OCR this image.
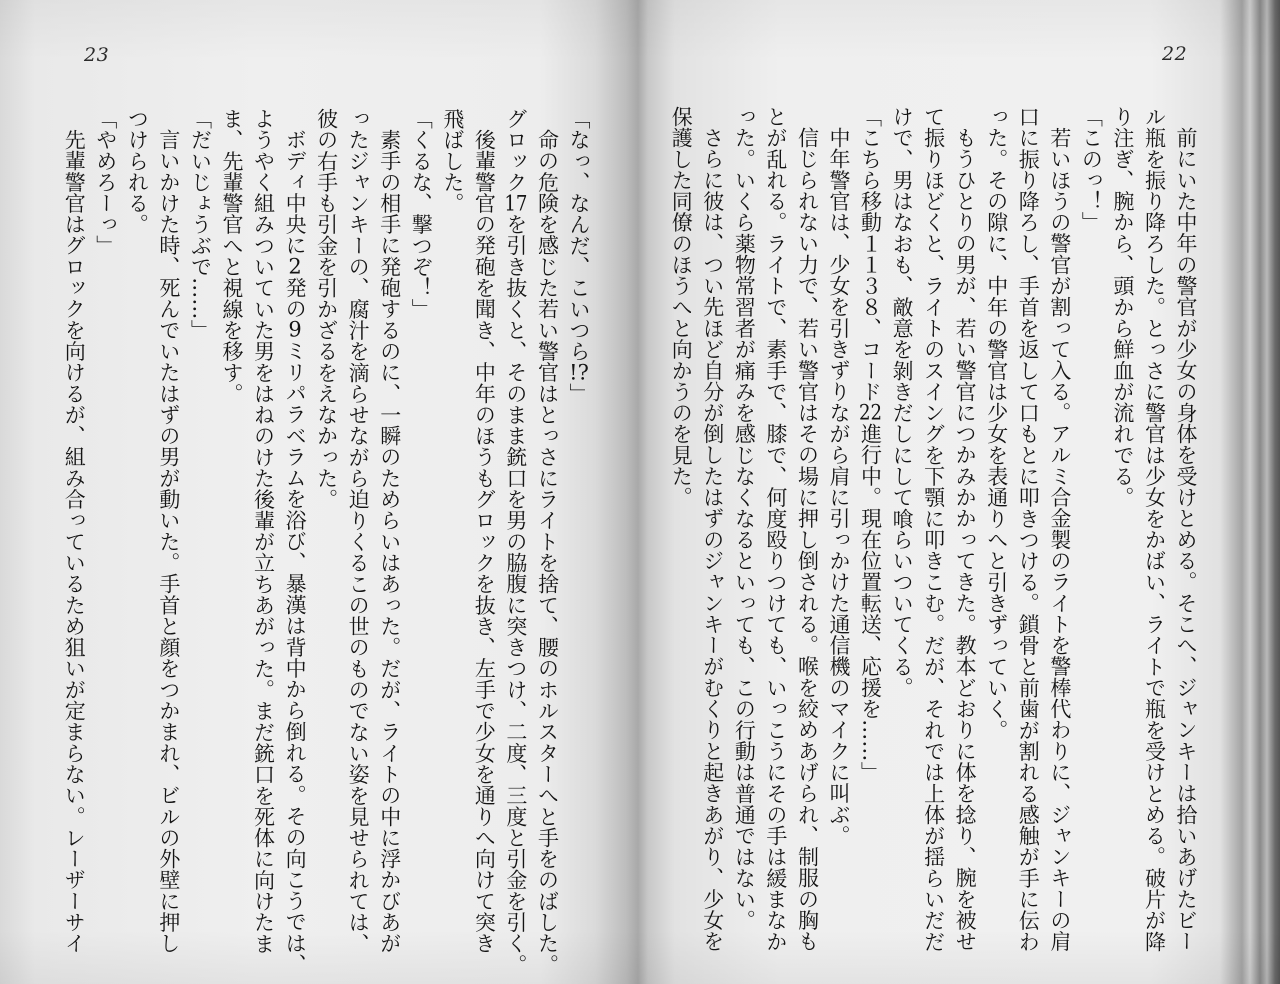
23	22
前にいた中年の警官が少女の身体を受けとめる。そこへ、ジャンキーは拾いあげたビー
ル瓶を振り降ろした。とっさに警官は少女をかばい、ライトで瓶を受けとめる。破片が降
り注ぎ、腕から、頭から鮮血が流れでる。
「このっ！」
若いほうの警官が割って入る。アルミ合金製のライトを警棒代わりに、ジャンキーの肩
口に振り降ろし、手首を返して口もとに叩きつける。鎖骨と前歯が割れる感触が手に伝わ
った。その隙に、中年の警官は少女を表通りへと引きずっていく。
もうひとりの男が、若い警官につかみかかってきた。教本どおりに体を捻り、腕を被せ
て振りほどくと、ライトのスイングを下顎に叩きこむ。だが、それでは上体が揺らいだだ
けで、男はなおも、敵意を剝きだしにして喰らいついてくる。
「こちら移動１１３８、コード22進行中。現在位置転送、応援を……」
中年警官は、少女を引きずりながら肩に引っかけた通信機のマイクに叫ぶ。
信じられない力で、若い警官はその場に押し倒される。喉を絞めあげられ、制服の胸も
とが乱れる。ライトで、素手で、膝で、何度殴りつけても、いっこうにその手は緩まなか
った。いくら薬物常習者が痛みを感じなくなるといっても、この行動は普通ではない。
さらに彼は、つい先ほど自分が倒したはずのジャンキーがむくりと起きあがり、少女を
保護した同僚のほうへと向かうのを見た。
「なっ、なんだ、こいつら!?」
命の危険を感じた若い警官はとっさにライトを捨て、腰のホルスターへと手をのばした。
グロック17を引き抜くと、そのまま銃口を男の脇腹に突きつけ、二度、三度と引金を引く。
後輩警官の発砲を聞き、中年のほうもグロックを抜き、左手で少女を通りへ向けて突き
飛ばした。
「くるな、撃つぞ！」
素手の相手に発砲するのに、一瞬のためらいはあった。だが、ライトの中に浮かびあが
ったジャンキーの、腐汁を滴らせながら迫りくるこの世のものでない姿を見せられては、
彼の右手も引金を引かざるをえなかった。
ボディ中央に2発の9ミリパラベラムを浴び、暴漢は背中から倒れる。その向こうでは、
ようやく組みついていた男をはねのけた後輩が立ちあがった。まだ銃口を死体に向けたま
ま、先輩警官へと視線を移す。
「だいじょうぶで……」
言いかけた時、死んでいたはずの男が動いた。手首と顔をつかまれ、ビルの外壁に押し
つけられる。
「やめろーっ」
先輩警官はグロックを向けるが、組み合っているため狙いが定まらない。レーザーサイ
